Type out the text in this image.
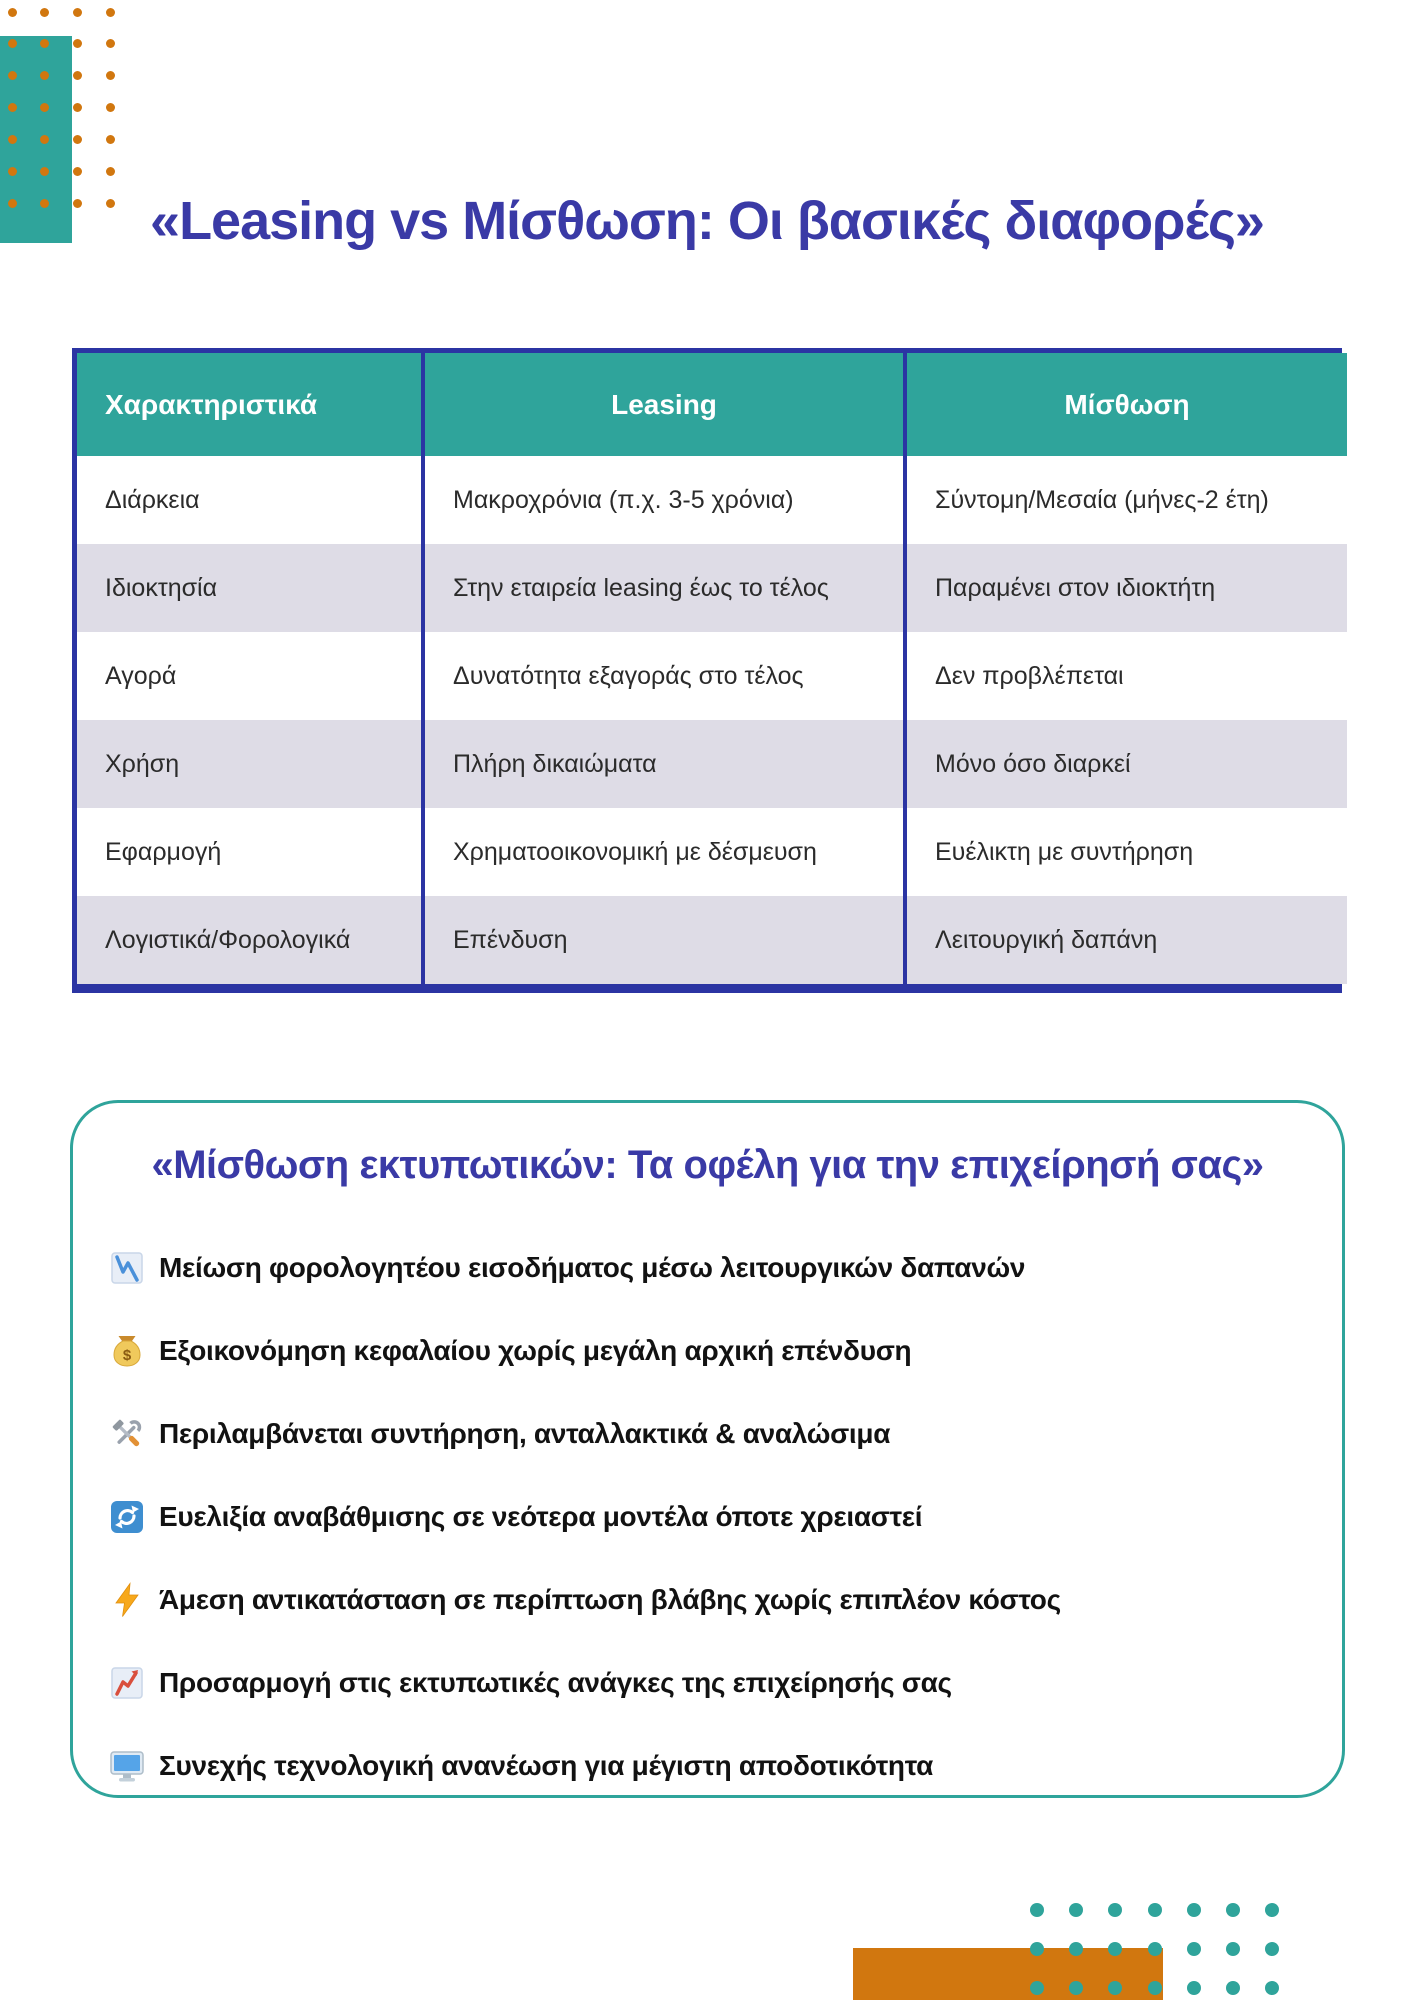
«Leasing vs Μίσθωση: Οι βασικές διαφορές»
Χαρακτηριστικά	Leasing	Μίσθωση
Διάρκεια	Μακροχρόνια (π.χ. 3-5 χρόνια)	Σύντομη/Μεσαία (μήνες-2 έτη)
Ιδιοκτησία	Στην εταιρεία leasing έως το τέλος	Παραμένει στον ιδιοκτήτη
Αγορά	Δυνατότητα εξαγοράς στο τέλος	Δεν προβλέπεται
Χρήση	Πλήρη δικαιώματα	Μόνο όσο διαρκεί
Εφαρμογή	Χρηματοοικονομική με δέσμευση	Ευέλικτη με συντήρηση
Λογιστικά/Φορολογικά	Επένδυση	Λειτουργική δαπάνη
«Μίσθωση εκτυπωτικών: Τα οφέλη για την επιχείρησή σας»
Μείωση φορολογητέου εισοδήματος μέσω λειτουργικών δαπανών
$ Εξοικονόμηση κεφαλαίου χωρίς μεγάλη αρχική επένδυση
Περιλαμβάνεται συντήρηση, ανταλλακτικά & αναλώσιμα
Ευελιξία αναβάθμισης σε νεότερα μοντέλα όποτε χρειαστεί
Άμεση αντικατάσταση σε περίπτωση βλάβης χωρίς επιπλέον κόστος
Προσαρμογή στις εκτυπωτικές ανάγκες της επιχείρησής σας
Συνεχής τεχνολογική ανανέωση για μέγιστη αποδοτικότητα
